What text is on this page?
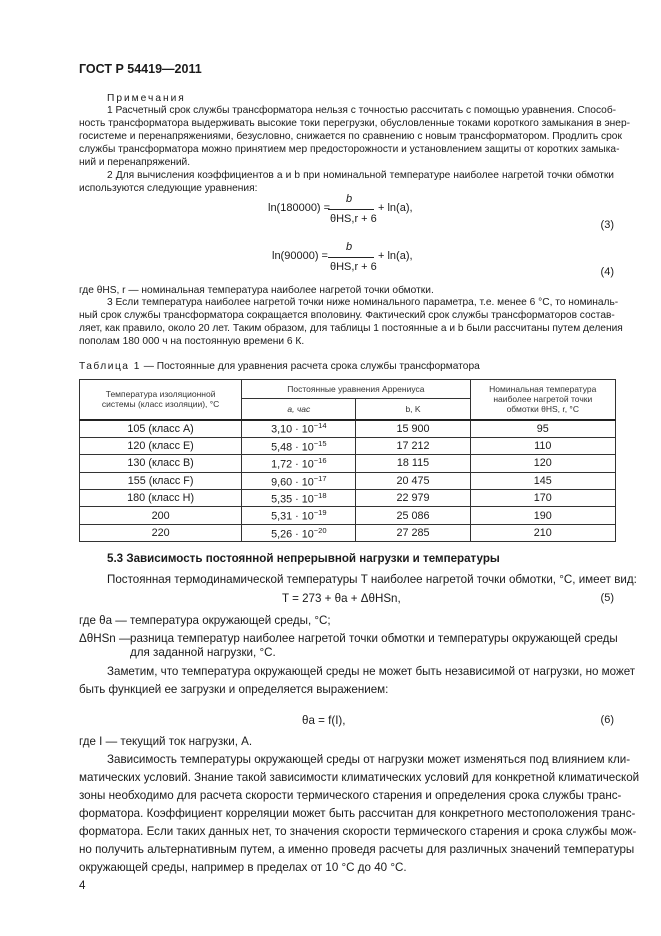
ГОСТ Р 54419—2011
Примечания
1 Расчетный срок службы трансформатора нельзя с точностью рассчитать с помощью уравнения. Способ-
ность трансформатора выдерживать высокие токи перегрузки, обусловленные токами короткого замыкания в энер-
госистеме и перенапряжениями, безусловно, снижается по сравнению с новым трансформатором. Продлить срок
службы трансформатора можно принятием мер предосторожности и установлением защиты от коротких замыка-
ний и перенапряжений.
2 Для вычисления коэффициентов a и b при номинальной температуре наиболее нагретой точки обмотки
используются следующие уравнения:
ln(180000) =
b
θHS,r + 6
+ ln(a),
(3)
ln(90000) =
b
θHS,r + 6
+ ln(a),
(4)
где θHS, r — номинальная температура наиболее нагретой точки обмотки.
3 Если температура наиболее нагретой точки ниже номинального параметра, т.е. менее 6 °C, то номиналь-
ный срок службы трансформатора сокращается вполовину. Фактический срок службы трансформаторов состав-
ляет, как правило, около 20 лет. Таким образом, для таблицы 1 постоянные a и b были рассчитаны путем деления
пополам 180 000 ч на постоянную времени 6 К.
Таблица 1 — Постоянные для уравнения расчета срока службы трансформатора
Температура изоляционной системы (класс изоляции), °C	Постоянные уравнения Аррениуса		Номинальная температура наиболее нагретой точки обмотки θHS, r, °C
	a, час	b, K	
105 (класс A)	$3,10 \cdot 10^{-14}$	15 900	95
120 (класс E)	$5,48 \cdot 10^{-15}$	17 212	110
130 (класс B)	$1,72 \cdot 10^{-16}$	18 115	120
155 (класс F)	$9,60 \cdot 10^{-17}$	20 475	145
180 (класс H)	$5,35 \cdot 10^{-18}$	22 979	170
200	$5,31 \cdot 10^{-19}$	25 086	190
220	$5,26 \cdot 10^{-20}$	27 285	210
5.3 Зависимость постоянной непрерывной нагрузки и температуры
Постоянная термодинамической температуры T наиболее нагретой точки обмотки, °C, имеет вид:
T = 273 + θa + ΔθHSn,	(5)
где θa — температура окружающей среды, °C;
ΔθHSn — разница температур наиболее нагретой точки обмотки и температуры окружающей среды
для заданной нагрузки, °C.
Заметим, что температура окружающей среды не может быть независимой от нагрузки, но может
быть функцией ее загрузки и определяется выражением:
θa = f(I),	(6)
где I — текущий ток нагрузки, А.
Зависимость температуры окружающей среды от нагрузки может изменяться под влиянием кли-
матических условий. Знание такой зависимости климатических условий для конкретной климатической
зоны необходимо для расчета скорости термического старения и определения срока службы транс-
форматора. Коэффициент корреляции может быть рассчитан для конкретного местоположения транс-
форматора. Если таких данных нет, то значения скорости термического старения и срока службы мож-
но получить альтернативным путем, а именно проведя расчеты для различных значений температуры
окружающей среды, например в пределах от 10 °C до 40 °C.
4
